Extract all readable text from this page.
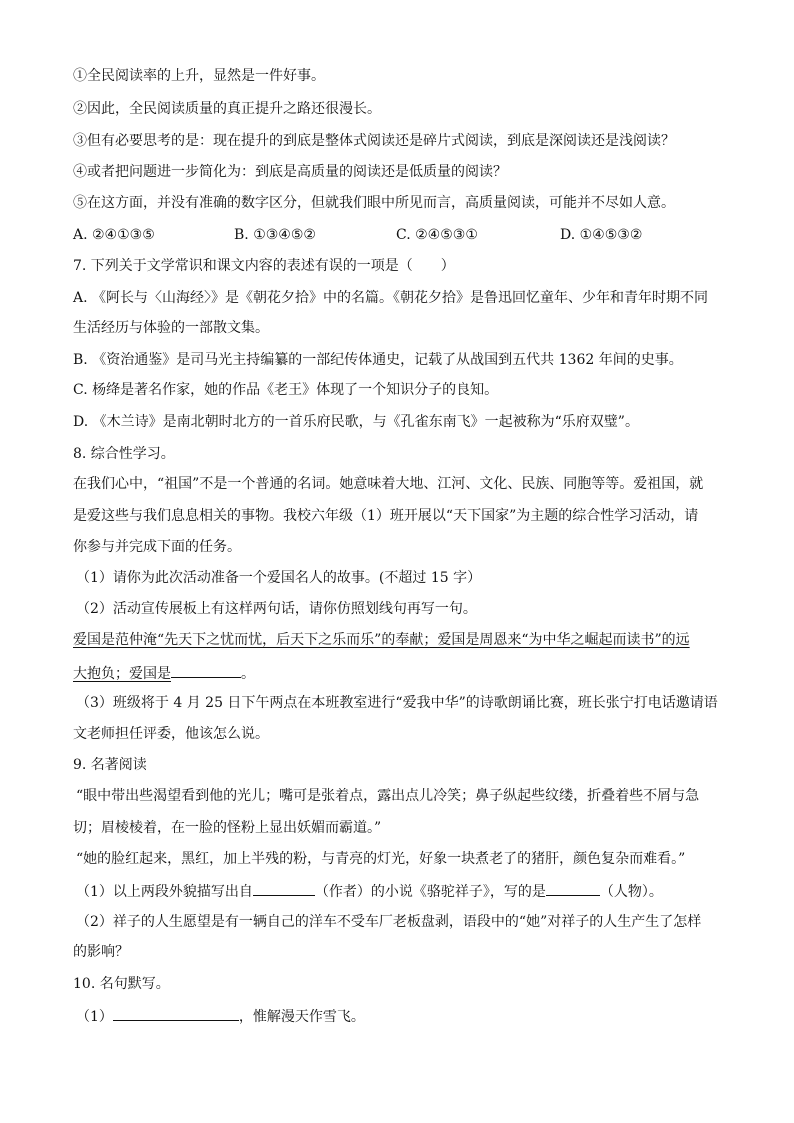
①全民阅读率的上升，显然是一件好事。
②因此，全民阅读质量的真正提升之路还很漫长。
③但有必要思考的是：现在提升的到底是整体式阅读还是碎片式阅读，到底是深阅读还是浅阅读？
④或者把问题进一步简化为：到底是高质量的阅读还是低质量的阅读？
⑤在这方面，并没有准确的数字区分，但就我们眼中所见而言，高质量阅读，可能并不尽如人意。
A. ②④①③⑤	B. ①③④⑤②	C. ②④⑤③①	D. ①④⑤③②
7. 下列关于文学常识和课文内容的表述有误的一项是（　　）
A. 《阿长与〈山海经〉》是《朝花夕拾》中的名篇。《朝花夕拾》是鲁迅回忆童年、少年和青年时期不同
生活经历与体验的一部散文集。
B. 《资治通鉴》是司马光主持编纂的一部纪传体通史，记载了从战国到五代共 1362 年间的史事。
C. 杨绛是著名作家，她的作品《老王》体现了一个知识分子的良知。
D. 《木兰诗》是南北朝时北方的一首乐府民歌，与《孔雀东南飞》一起被称为“乐府双璧”。
8. 综合性学习。
在我们心中，“祖国”不是一个普通的名词。她意味着大地、江河、文化、民族、同胞等等。爱祖国，就
是爱这些与我们息息相关的事物。我校六年级（1）班开展以“天下国家”为主题的综合性学习活动，请
你参与并完成下面的任务。
（1）请你为此次活动准备一个爱国名人的故事。(不超过 15 字）
（2）活动宣传展板上有这样两句话，请你仿照划线句再写一句。
爱国是范仲淹“先天下之忧而忧，后天下之乐而乐”的奉献；爱国是周恩来“为中华之崛起而读书”的远
大抱负；爱国是	。
（3）班级将于 4 月 25 日下午两点在本班教室进行“爱我中华”的诗歌朗诵比赛，班长张宁打电话邀请语
文老师担任评委，他该怎么说。
9. 名著阅读
“眼中带出些渴望看到他的光儿；嘴可是张着点，露出点儿冷笑；鼻子纵起些纹缕，折叠着些不屑与急
切；眉棱棱着，在一脸的怪粉上显出妖媚而霸道。”
“她的脸红起来，黑红，加上半残的粉，与青亮的灯光，好象一块煮老了的猪肝，颜色复杂而难看。”
（1）以上两段外貌描写出自	（作者）的小说《骆驼祥子》，写的是	（人物）。
（2）祥子的人生愿望是有一辆自己的洋车不受车厂老板盘剥，语段中的“她”对祥子的人生产生了怎样
的影响？
10. 名句默写。
（1）	，惟解漫天作雪飞。
